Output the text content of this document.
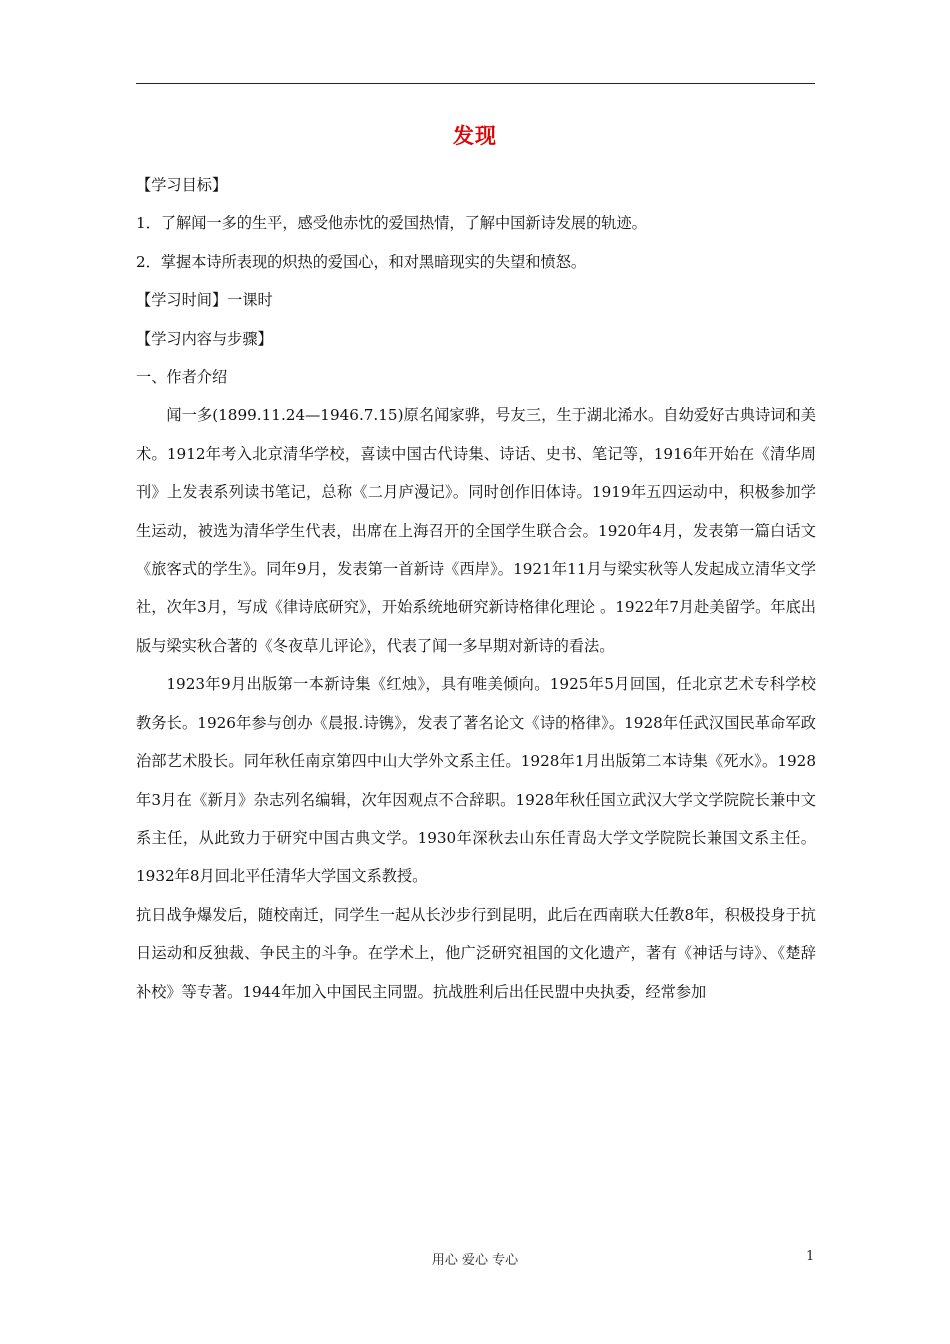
发现

【学习目标】

1．了解闻一多的生平，感受他赤忱的爱国热情，了解中国新诗发展的轨迹。

2．掌握本诗所表现的炽热的爱国心，和对黑暗现实的失望和愤怒。

【学习时间】一课时

【学习内容与步骤】

一、作者介绍

闻一多(1899.11.24—1946.7.15)原名闻家骅，号友三，生于湖北浠水。自幼爱好古典诗词和美术。1912年考入北京清华学校，喜读中国古代诗集、诗话、史书、笔记等，1916年开始在《清华周刊》上发表系列读书笔记，总称《二月庐漫记》。同时创作旧体诗。1919年五四运动中，积极参加学生运动，被选为清华学生代表，出席在上海召开的全国学生联合会。1920年4月，发表第一篇白话文《旅客式的学生》。同年9月，发表第一首新诗《西岸》。1921年11月与梁实秋等人发起成立清华文学社，次年3月，写成《律诗底研究》，开始系统地研究新诗格律化理论 。1922年7月赴美留学。年底出版与梁实秋合著的《冬夜草儿评论》，代表了闻一多早期对新诗的看法。

1923年9月出版第一本新诗集《红烛》，具有唯美倾向。1925年5月回国，任北京艺术专科学校教务长。1926年参与创办《晨报.诗镌》，发表了著名论文《诗的格律》。1928年任武汉国民革命军政治部艺术股长。同年秋任南京第四中山大学外文系主任。1928年1月出版第二本诗集《死水》。1928年3月在《新月》杂志列名编辑，次年因观点不合辞职。1928年秋任国立武汉大学文学院院长兼中文系主任，从此致力于研究中国古典文学。1930年深秋去山东任青岛大学文学院院长兼国文系主任。1932年8月回北平任清华大学国文系教授。

抗日战争爆发后，随校南迁，同学生一起从长沙步行到昆明，此后在西南联大任教8年，积极投身于抗日运动和反独裁、争民主的斗争。在学术上，他广泛研究祖国的文化遗产，著有《神话与诗》、《楚辞补校》等专著。1944年加入中国民主同盟。抗战胜利后出任民盟中央执委，经常参加

用心 爱心 专心	1
